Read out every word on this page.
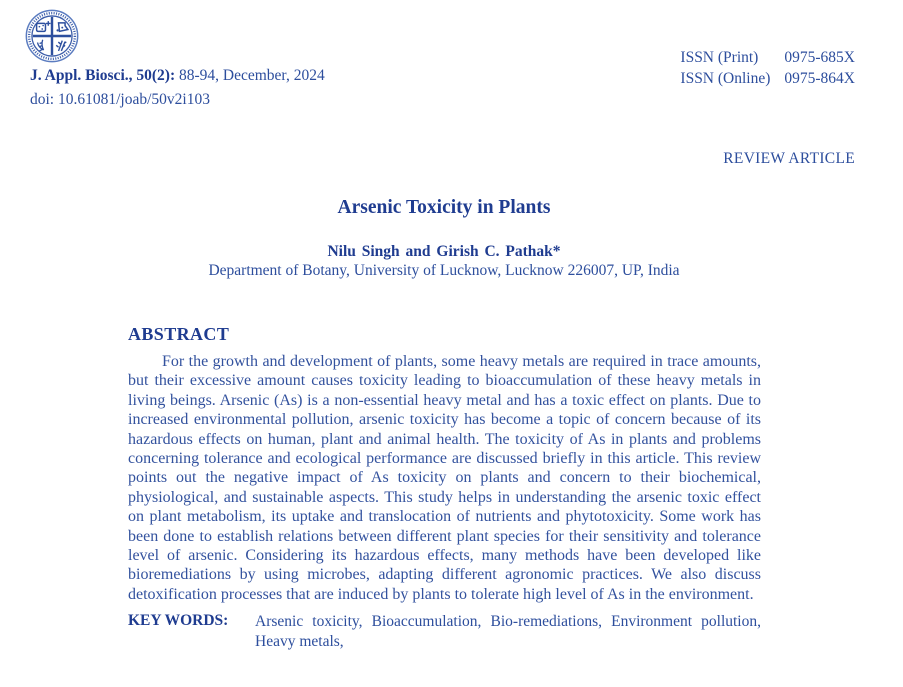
J. Appl. Biosci., 50(2): 88-94, December, 2024
doi: 10.61081/joab/50v2i103
ISSN (Print)	0975-685X
ISSN (Online) 0975-864X
REVIEW ARTICLE
Arsenic Toxicity in Plants
Nilu Singh and Girish C. Pathak*
Department of Botany, University of Lucknow, Lucknow 226007, UP, India
ABSTRACT

For the growth and development of plants, some heavy metals are required in trace amounts, but their excessive amount causes toxicity leading to bioaccumulation of these heavy metals in living beings. Arsenic (As) is a non-essential heavy metal and has a toxic effect on plants. Due to increased environmental pollution, arsenic toxicity has become a topic of concern because of its hazardous effects on human, plant and animal health. The toxicity of As in plants and problems concerning tolerance and ecological performance are discussed briefly in this article. This review points out the negative impact of As toxicity on plants and concern to their biochemical, physiological, and sustainable aspects. This study helps in understanding the arsenic toxic effect on plant metabolism, its uptake and translocation of nutrients and phytotoxicity. Some work has been done to establish relations between different plant species for their sensitivity and tolerance level of arsenic. Considering its hazardous effects, many methods have been developed like bioremediations by using microbes, adapting different agronomic practices. We also discuss detoxification processes that are induced by plants to tolerate high level of As in the environment.

KEY WORDS: Arsenic toxicity, Bioaccumulation, Bio-remediations, Environment pollution, Heavy metals,
